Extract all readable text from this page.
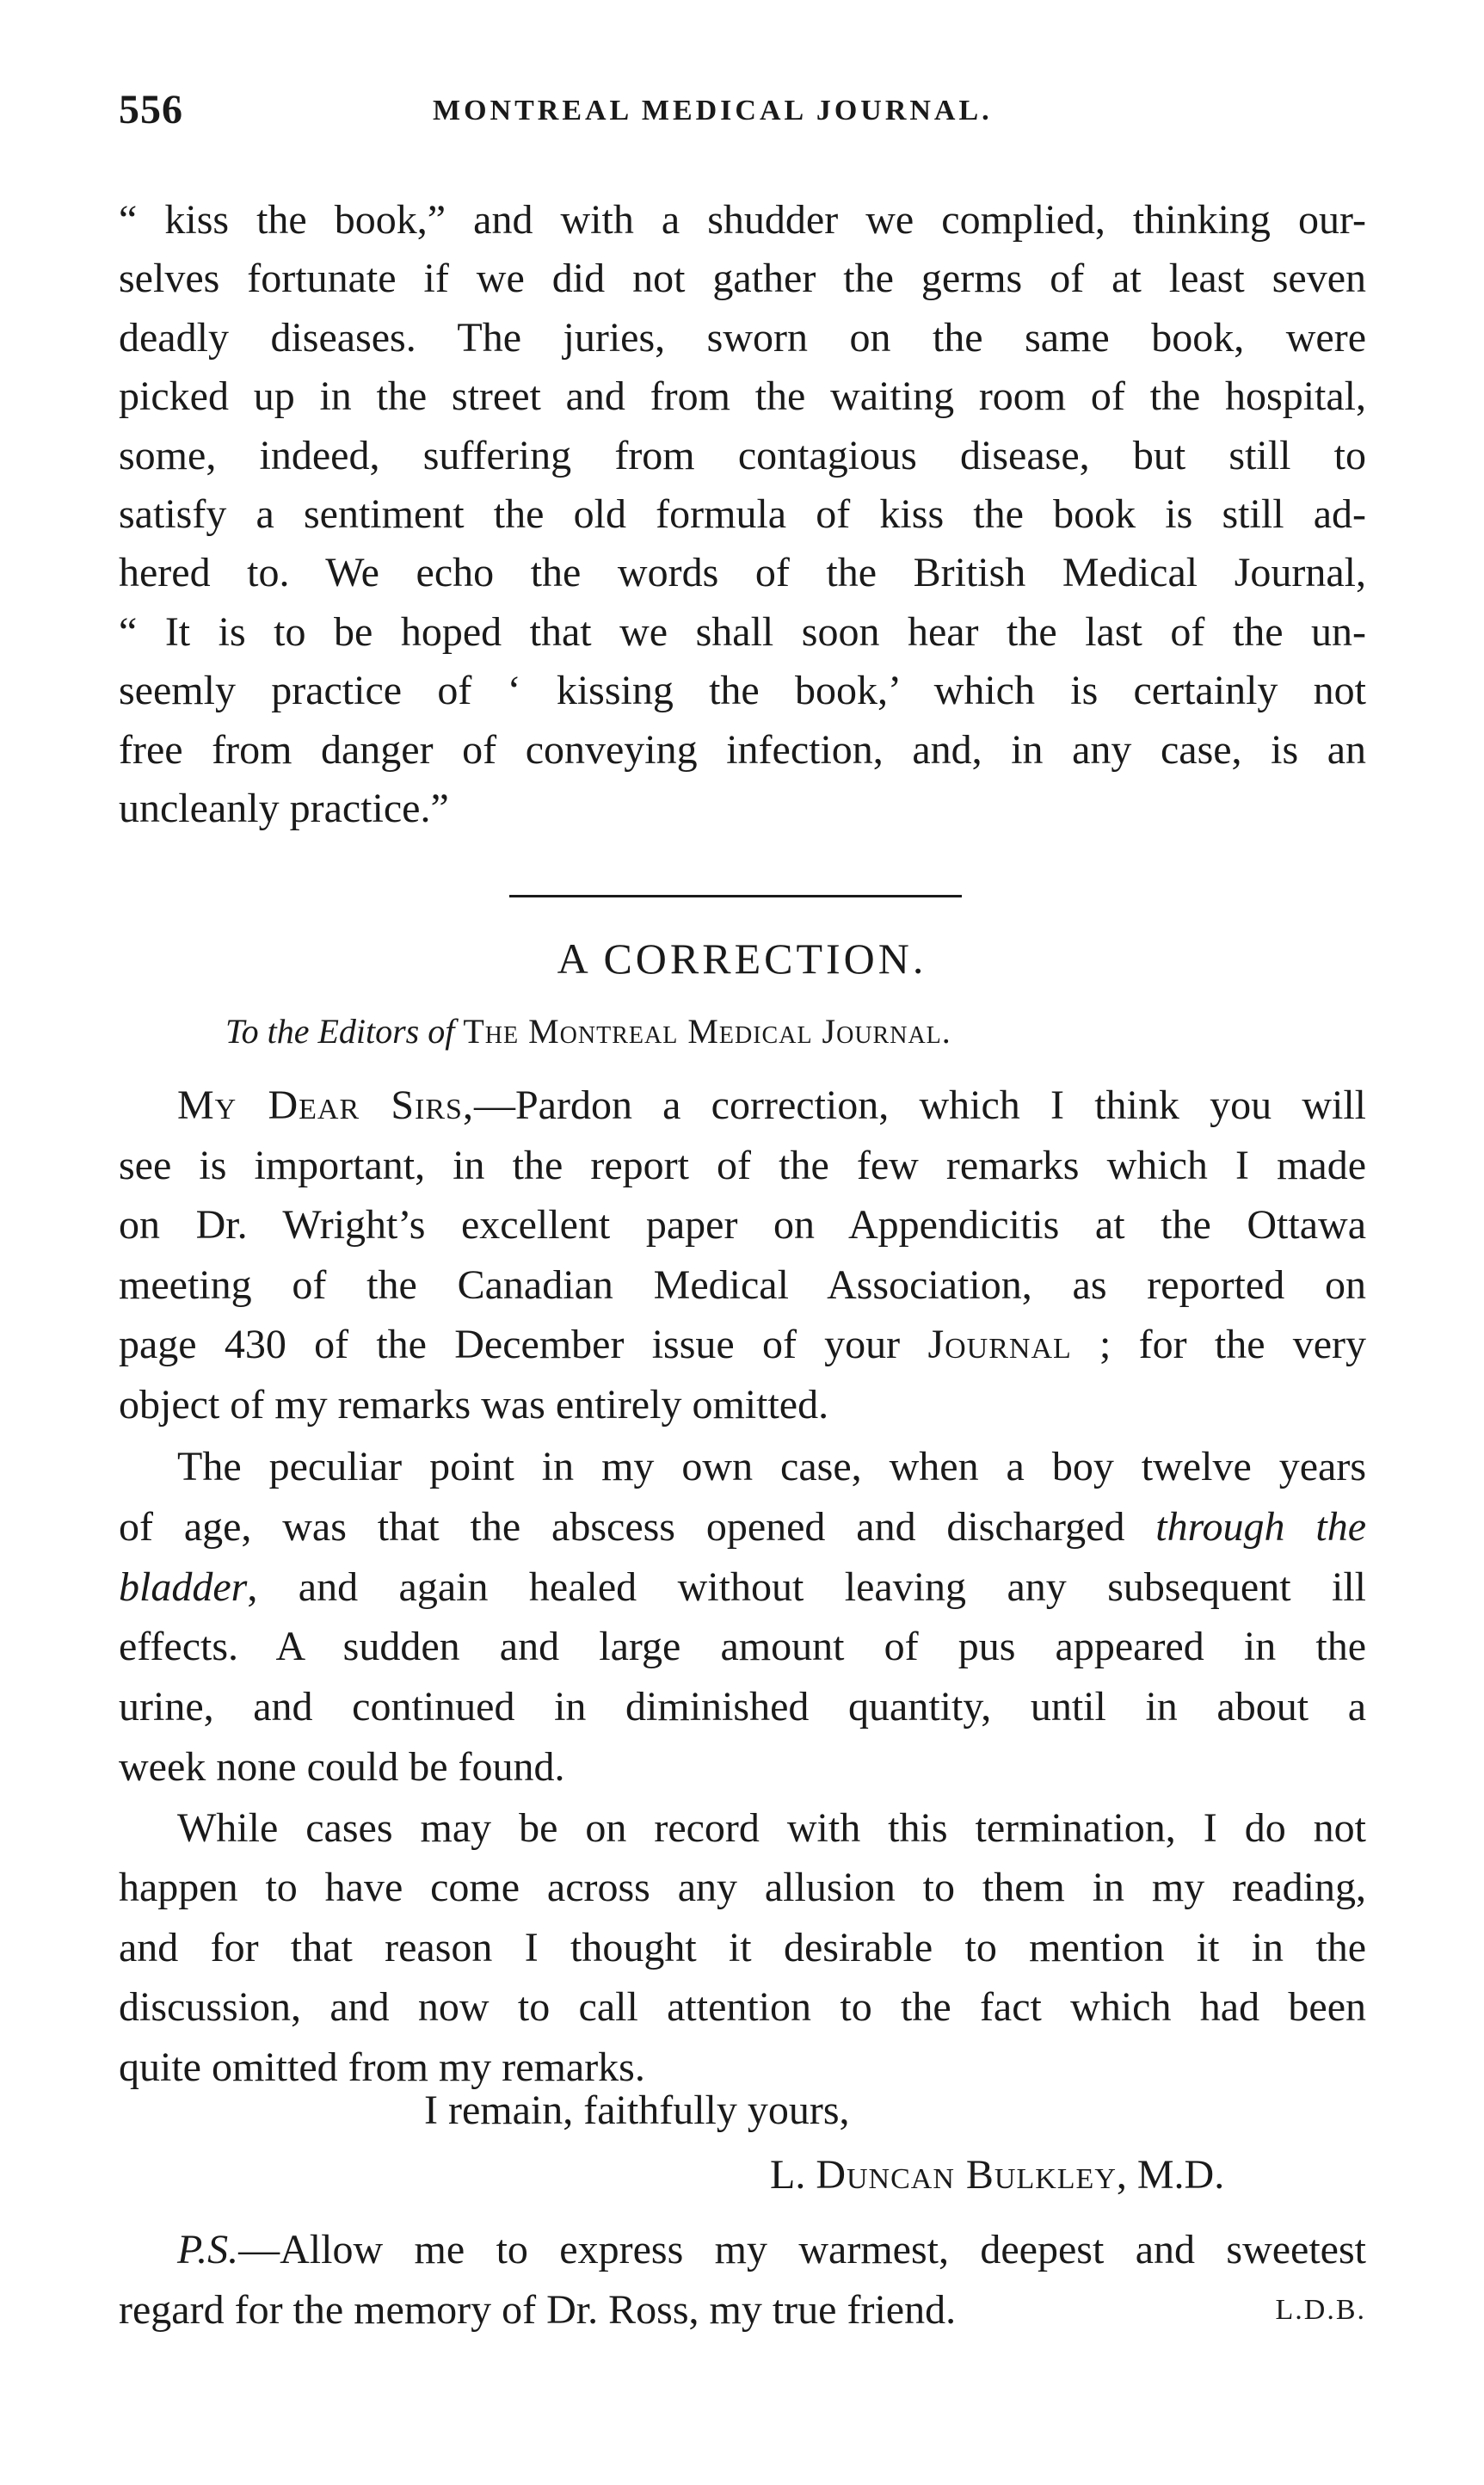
556	MONTREAL MEDICAL JOURNAL.
“ kiss the book,” and with a shudder we complied, thinking our-
selves fortunate if we did not gather the germs of at least seven
deadly diseases. The juries, sworn on the same book, were
picked up in the street and from the waiting room of the hospital,
some, indeed, suffering from contagious disease, but still to
satisfy a sentiment the old formula of kiss the book is still ad-
hered to. We echo the words of the British Medical Journal,
“ It is to be hoped that we shall soon hear the last of the un-
seemly practice of ‘ kissing the book,’ which is certainly not
free from danger of conveying infection, and, in any case, is an
uncleanly practice.”
A CORRECTION.
To the Editors of The Montreal Medical Journal.
My Dear Sirs,—Pardon a correction, which I think you will
see is important, in the report of the few remarks which I made
on Dr. Wright’s excellent paper on Appendicitis at the Ottawa
meeting of the Canadian Medical Association, as reported on
page 430 of the December issue of your Journal ; for the very
object of my remarks was entirely omitted.
The peculiar point in my own case, when a boy twelve years
of age, was that the abscess opened and discharged through the
bladder, and again healed without leaving any subsequent ill
effects. A sudden and large amount of pus appeared in the
urine, and continued in diminished quantity, until in about a
week none could be found.
While cases may be on record with this termination, I do not
happen to have come across any allusion to them in my reading,
and for that reason I thought it desirable to mention it in the
discussion, and now to call attention to the fact which had been
quite omitted from my remarks.
I remain, faithfully yours,
L. Duncan Bulkley, M.D.
P.S.—Allow me to express my warmest, deepest and sweetest
regard for the memory of Dr. Ross, my true friend.	L.D.B.
